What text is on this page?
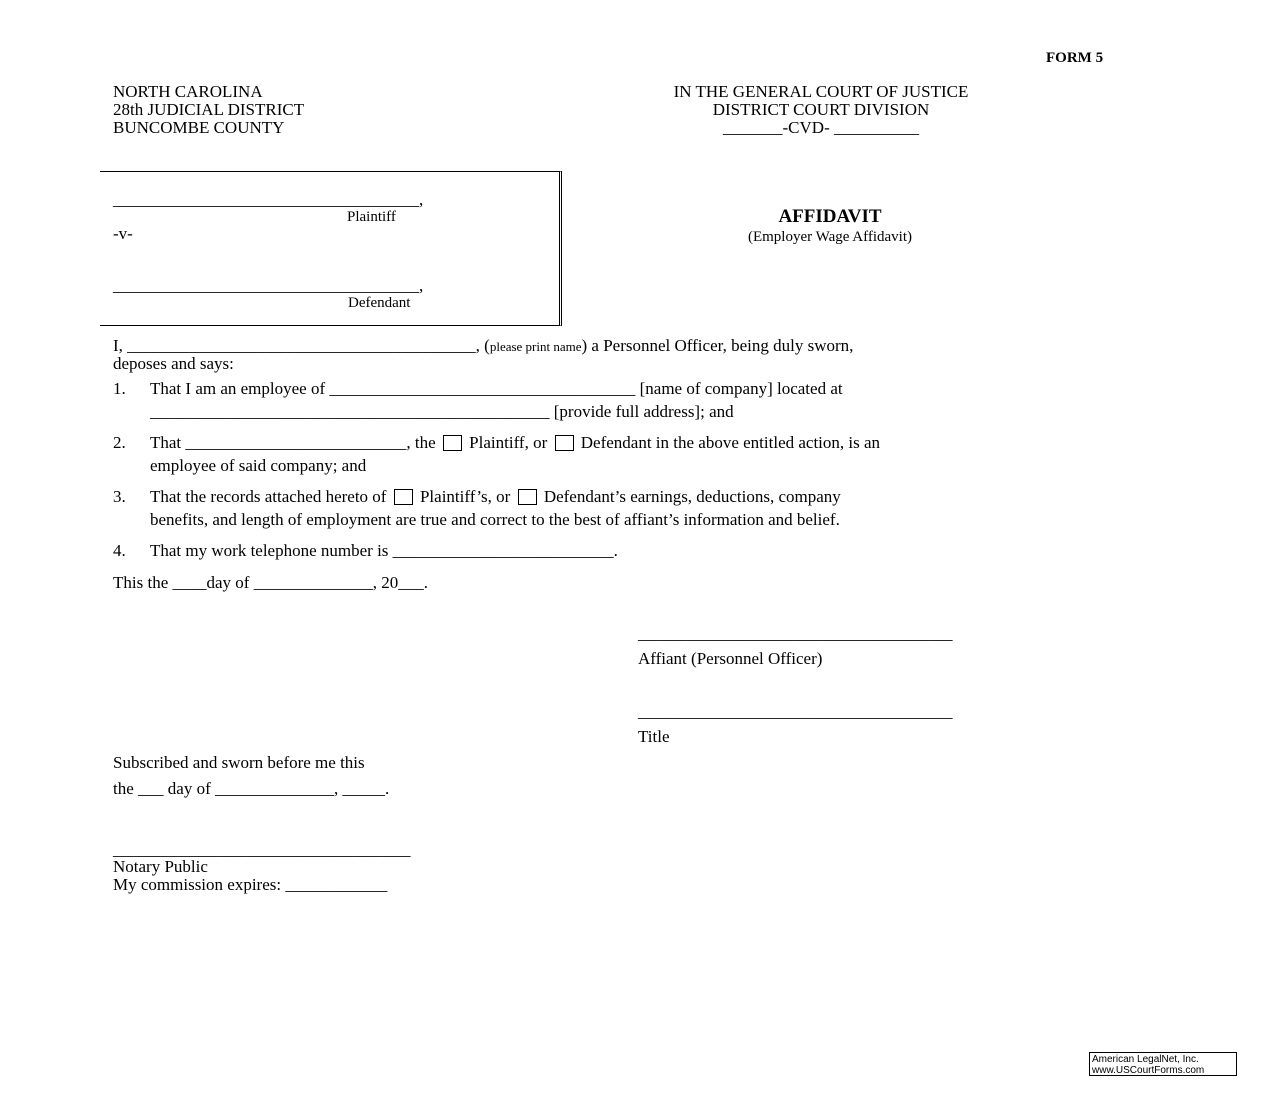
FORM 5
NORTH CAROLINA
28th JUDICIAL DISTRICT
BUNCOMBE COUNTY
IN THE GENERAL COURT OF JUSTICE
DISTRICT COURT DIVISION
_______-CVD- __________
____________________________________,
Plaintiff
-v-
____________________________________,
Defendant
AFFIDAVIT
(Employer Wage Affidavit)
I, _________________________________________, (please print name) a Personnel Officer, being duly sworn,
deposes and says:
1. That I am an employee of ____________________________________ [name of company] located at
_______________________________________________ [provide full address]; and
2. That __________________________, the Plaintiff, or Defendant in the above entitled action, is an
employee of said company; and
3. That the records attached hereto of Plaintiff’s, or Defendant’s earnings, deductions, company
benefits, and length of employment are true and correct to the best of affiant’s information and belief.
4. That my work telephone number is __________________________.
This the ____day of ______________, 20___.
_____________________________________
Affiant (Personnel Officer)
_____________________________________
Title
Subscribed and sworn before me this
the ___ day of ______________, _____.
___________________________________
Notary Public
My commission expires: ____________
American LegalNet, Inc.
www.USCourtForms.com
